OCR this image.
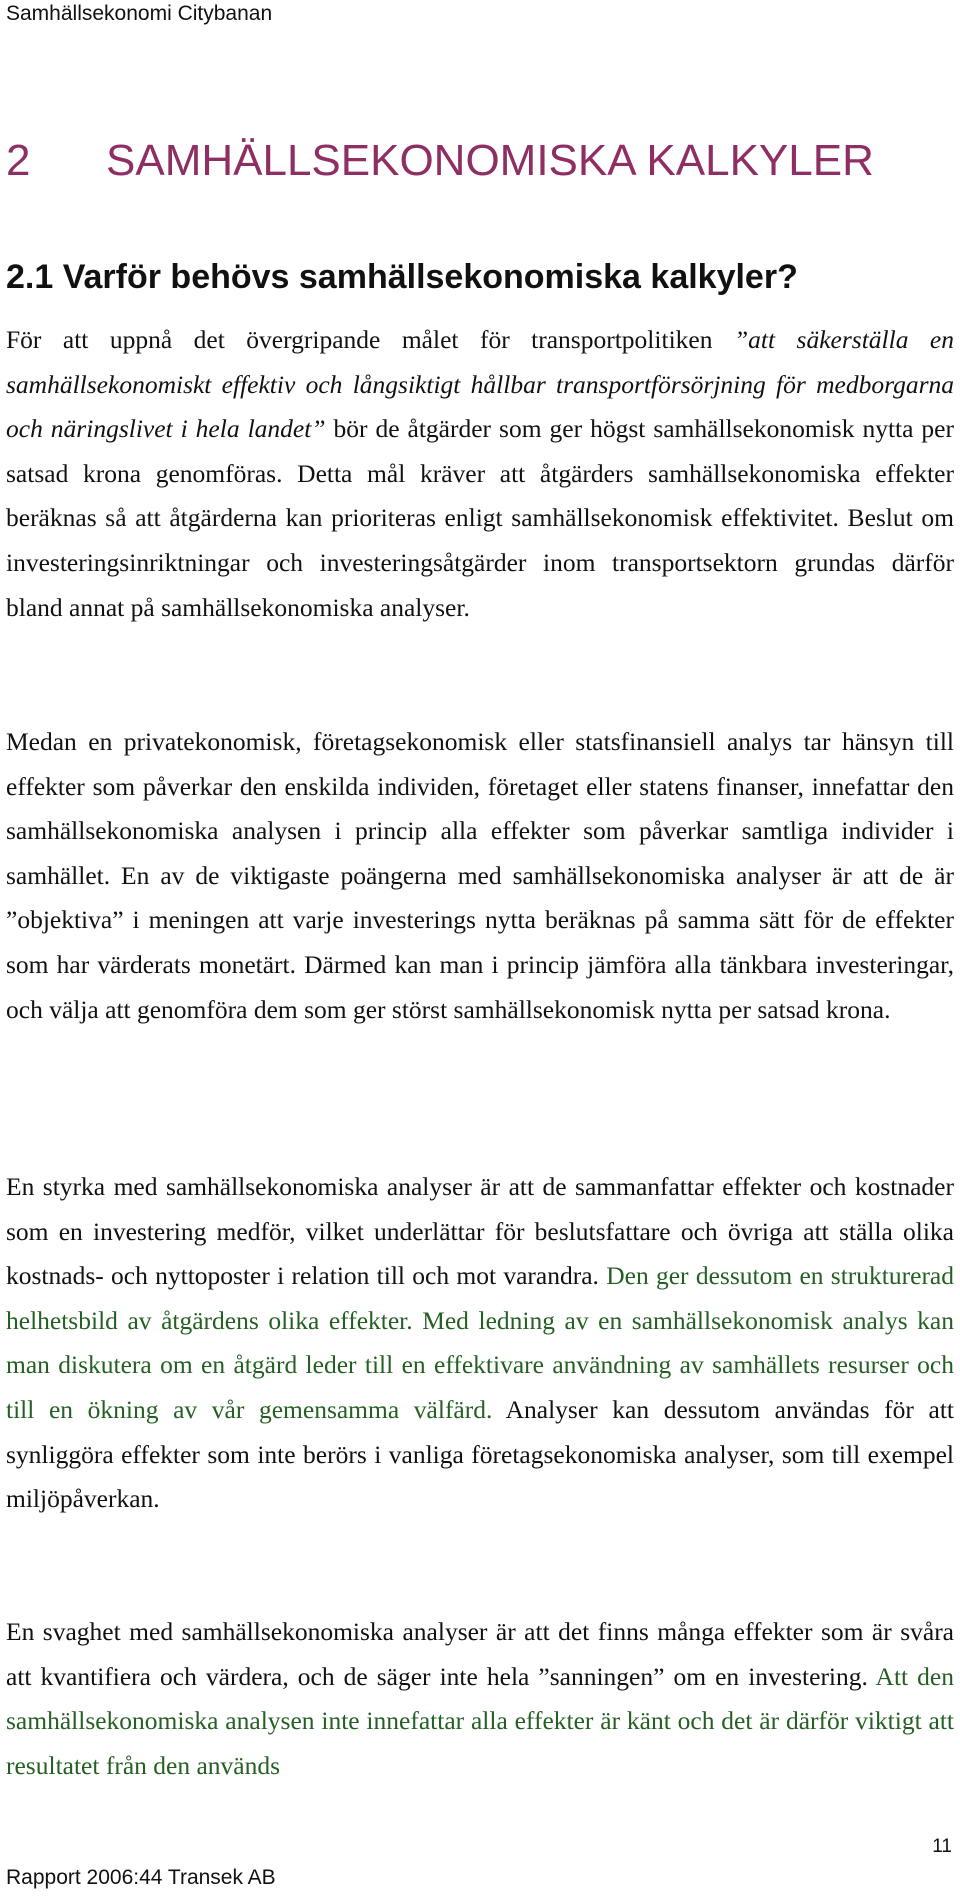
Samhällsekonomi Citybanan
2 SAMHÄLLSEKONOMISKA KALKYLER
2.1 Varför behövs samhällsekonomiska kalkyler?
För att uppnå det övergripande målet för transportpolitiken ”att säkerställa en samhällsekonomiskt effektiv och långsiktigt hållbar transportförsörjning för medborgarna och näringslivet i hela landet” bör de åtgärder som ger högst samhällsekonomisk nytta per satsad krona genomföras. Detta mål kräver att åtgärders samhällsekonomiska effekter beräknas så att åtgärderna kan prioriteras enligt samhällsekonomisk effektivitet. Beslut om investeringsinriktningar och investeringsåtgärder inom transportsektorn grundas därför bland annat på samhällsekonomiska analyser.
Medan en privatekonomisk, företagsekonomisk eller statsfinansiell analys tar hänsyn till effekter som påverkar den enskilda individen, företaget eller statens finanser, innefattar den samhällsekonomiska analysen i princip alla effekter som påverkar samtliga individer i samhället. En av de viktigaste poängerna med samhällsekonomiska analyser är att de är ”objektiva” i meningen att varje investerings nytta beräknas på samma sätt för de effekter som har värderats monetärt. Därmed kan man i princip jämföra alla tänkbara investeringar, och välja att genomföra dem som ger störst samhällsekonomisk nytta per satsad krona.
En styrka med samhällsekonomiska analyser är att de sammanfattar effekter och kostnader som en investering medför, vilket underlättar för beslutsfattare och övriga att ställa olika kostnads- och nyttoposter i relation till och mot varandra. Den ger dessutom en strukturerad helhetsbild av åtgärdens olika effekter. Med ledning av en samhällsekonomisk analys kan man diskutera om en åtgärd leder till en effektivare användning av samhällets resurser och till en ökning av vår gemensamma välfärd. Analyser kan dessutom användas för att synliggöra effekter som inte berörs i vanliga företagsekonomiska analyser, som till exempel miljöpåverkan.
En svaghet med samhällsekonomiska analyser är att det finns många effekter som är svåra att kvantifiera och värdera, och de säger inte hela ”sanningen” om en investering. Att den samhällsekonomiska analysen inte innefattar alla effekter är känt och det är därför viktigt att resultatet från den används
11
Rapport 2006:44 Transek AB
